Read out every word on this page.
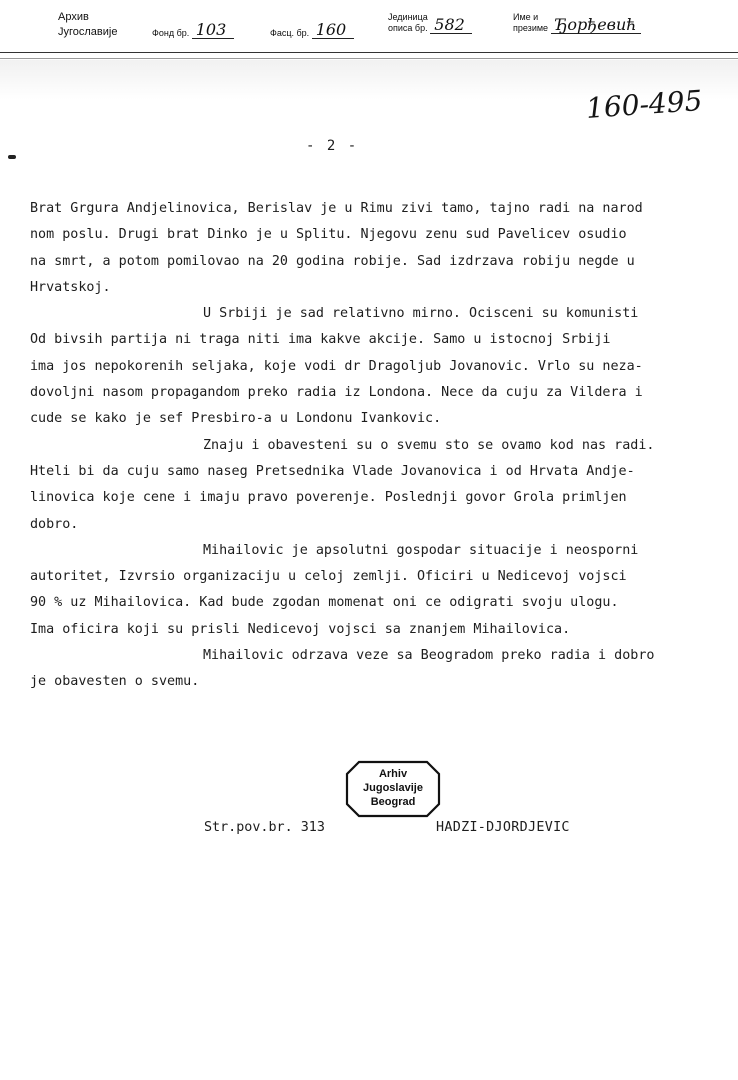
Архив
Југославије	Фонд бр. 103	Фасц. бр. 160
Јединица
описа бр. 582	Име и
презиме Ђорђевић
160-495
- 2 -

Brat Grgura Andjelinovica, Berislav je u Rimu zivi tamo, tajno radi na narod
nom poslu. Drugi brat Dinko je u Splitu. Njegovu zenu sud Pavelicev osudio
na smrt, a potom pomilovao na 20 godina robije. Sad izdrzava robiju negde u
Hrvatskoj.

U Srbiji je sad relativno mirno. Ocisceni su komunisti
Od bivsih partija ni traga niti ima kakve akcije. Samo u istocnoj Srbiji
ima jos nepokorenih seljaka, koje vodi dr Dragoljub Jovanovic. Vrlo su neza-
dovoljni nasom propagandom preko radia iz Londona. Nece da cuju za Vildera i
cude se kako je sef Presbiro-a u Londonu Ivankovic.

Znaju i obavesteni su o svemu sto se ovamo kod nas radi.
Hteli bi da cuju samo naseg Pretsednika Vlade Jovanovica i od Hrvata Andje-
linovica koje cene i imaju pravo poverenje. Poslednji govor Grola primljen
dobro.

Mihailovic je apsolutni gospodar situacije i neosporni
autoritet, Izvrsio organizaciju u celoj zemlji. Oficiri u Nedicevoj vojsci
90 % uz Mihailovica. Kad bude zgodan momenat oni ce odigrati svoju ulogu.
Ima oficira koji su prisli Nedicevoj vojsci sa znanjem Mihailovica.

Mihailovic odrzava veze sa Beogradom preko radia i dobro
je obavesten o svemu.

Arhiv
Jugoslavije
Beograd
Str.pov.br. 313	HADZI-DJORDJEVIC
